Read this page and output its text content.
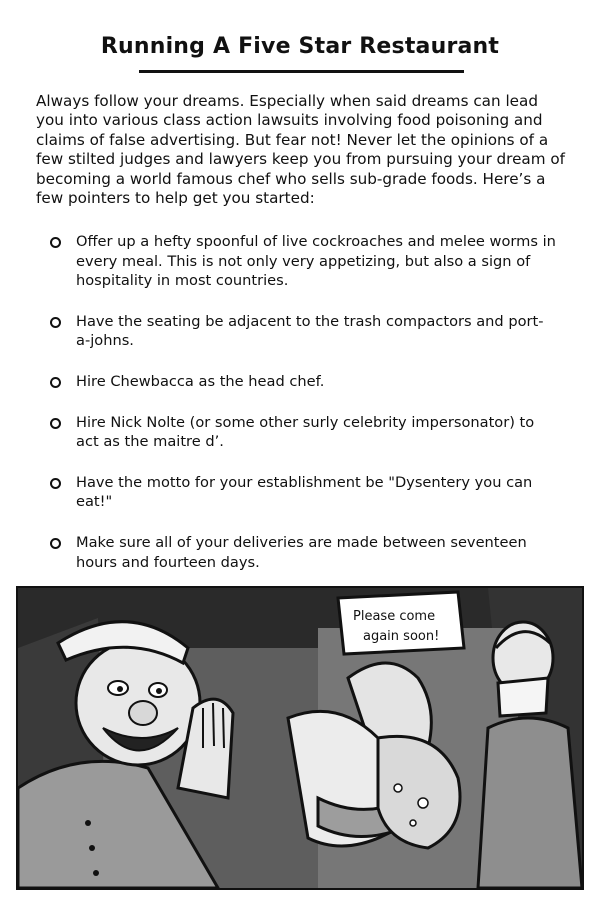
Running A Five Star Restaurant

Always follow your dreams. Especially when said dreams can lead you into various class action lawsuits involving food poisoning and claims of false advertising. But fear not! Never let the opinions of a few stilted judges and lawyers keep you from pursuing your dream of becoming a world famous chef who sells sub-grade foods. Here’s a few pointers to help get you started:

Offer up a hefty spoonful of live cockroaches and melee worms in every meal. This is not only very appetizing, but also a sign of hospitality in most countries.
Have the seating be adjacent to the trash compactors and port-a-johns.
Hire Chewbacca as the head chef.
Hire Nick Nolte (or some other surly celebrity impersonator) to act as the maitre d’.
Have the motto for your establishment be "Dysentery you can eat!"
Make sure all of your deliveries are made between seventeen hours and fourteen days.
Please come
again soon!
